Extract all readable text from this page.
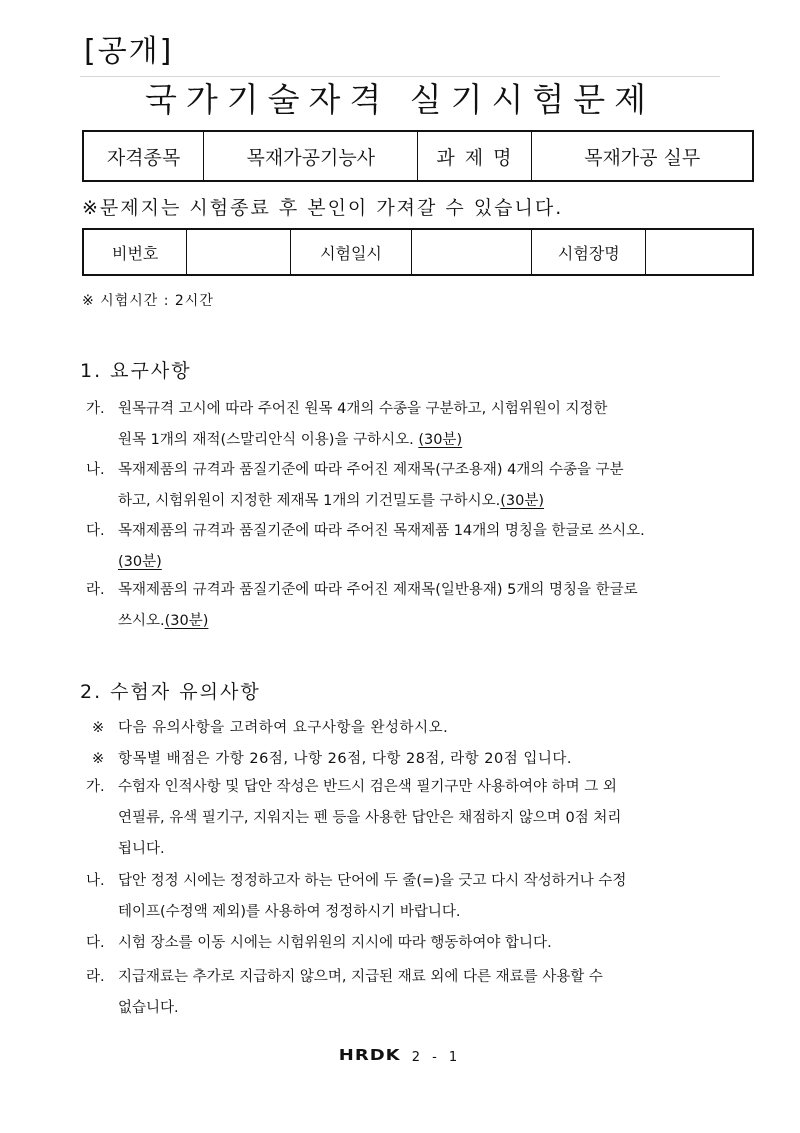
[공개]
국가기술자격 실기시험문제
자격종목	목재가공기능사	과 제 명	목재가공 실무
※문제지는 시험종료 후 본인이 가져갈 수 있습니다.
비번호		시험일시		시험장명	
※ 시험시간 : 2시간
1. 요구사항
가. 원목규격 고시에 따라 주어진 원목 4개의 수종을 구분하고, 시험위원이 지정한
원목 1개의 재적(스말리안식 이용)을 구하시오. (30분)
나. 목재제품의 규격과 품질기준에 따라 주어진 제재목(구조용재) 4개의 수종을 구분
하고, 시험위원이 지정한 제재목 1개의 기건밀도를 구하시오.(30분)
다. 목재제품의 규격과 품질기준에 따라 주어진 목재제품 14개의 명칭을 한글로 쓰시오.
(30분)
라. 목재제품의 규격과 품질기준에 따라 주어진 제재목(일반용재) 5개의 명칭을 한글로
쓰시오.(30분)
2. 수험자 유의사항
※ 다음 유의사항을 고려하여 요구사항을 완성하시오.
※ 항목별 배점은 가항 26점, 나항 26점, 다항 28점, 라항 20점 입니다.
가. 수험자 인적사항 및 답안 작성은 반드시 검은색 필기구만 사용하여야 하며 그 외
연필류, 유색 필기구, 지워지는 펜 등을 사용한 답안은 채점하지 않으며 0점 처리
됩니다.
나. 답안 정정 시에는 정정하고자 하는 단어에 두 줄(=)을 긋고 다시 작성하거나 수정
테이프(수정액 제외)를 사용하여 정정하시기 바랍니다.
다. 시험 장소를 이동 시에는 시험위원의 지시에 따라 행동하여야 합니다.
라. 지급재료는 추가로 지급하지 않으며, 지급된 재료 외에 다른 재료를 사용할 수
없습니다.
HRDK 2 - 1
